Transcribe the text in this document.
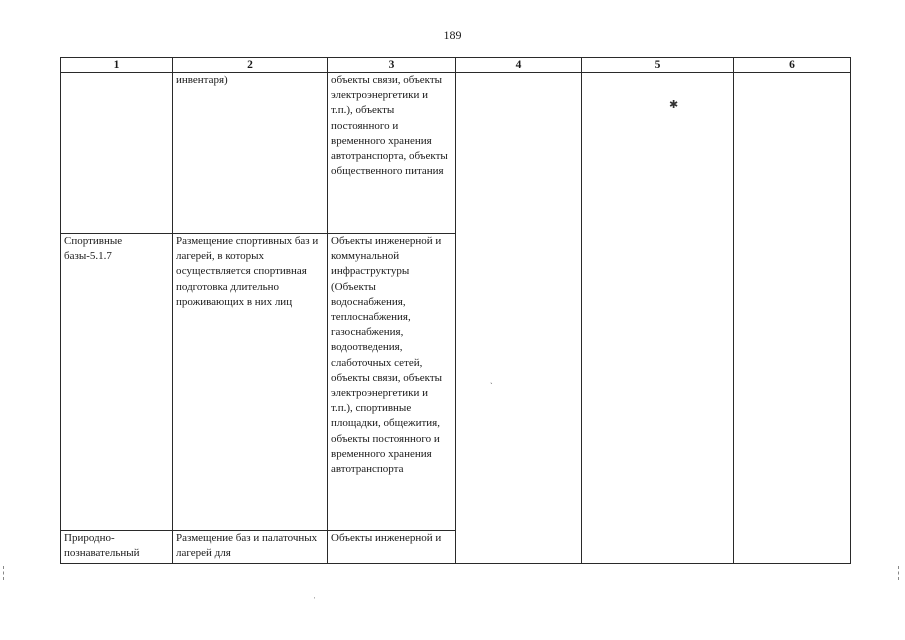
189
1	2	3	4	5	6
	инвентаря)	объекты связи, объекты электроэнергетики и т.п.), объекты постоянного и временного хранения автотранспорта, объекты общественного питания			
Спортивные базы-5.1.7	Размещение спортивных баз и лагерей, в которых осуществляется спортивная подготовка длительно проживающих в них лиц	Объекты инженерной и коммунальной инфраструктуры (Объекты водоснабжения, теплоснабжения, газоснабжения, водоотведения, слаботочных сетей, объекты связи, объекты электроэнергетики и т.п.), спортивные площадки, общежития, объекты постоянного и временного хранения автотранспорта			
Природно-познавательный	Размещение баз и палаточных лагерей для	Объекты инженерной и			
✱
ˎ
ˈ
